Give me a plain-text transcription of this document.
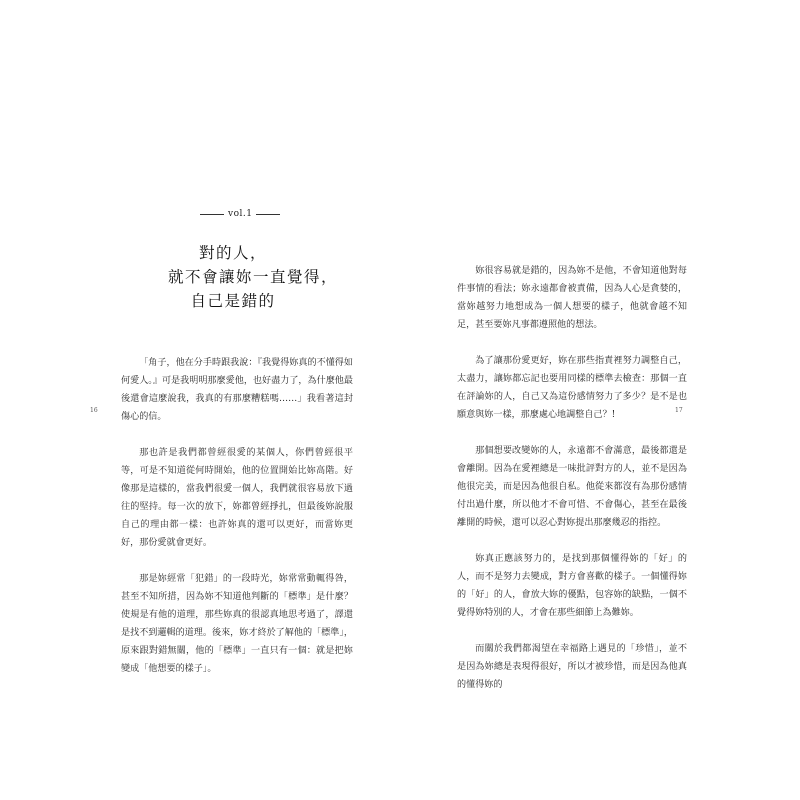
vol.1
對的人，
就不會讓妳一直覺得，
自己是錯的

「角子，他在分手時跟我說：『我覺得妳真的不懂得如何愛人。』可是我明明那麼愛他，也好盡力了，為什麼他最後還會這麼說我，我真的有那麼糟糕嗎……」我看著這封傷心的信。

那也許是我們都曾經很愛的某個人，你們曾經很平等，可是不知道從何時開始，他的位置開始比妳高階。好像那是這樣的，當我們很愛一個人，我們就很容易放下過往的堅持。每一次的放下，妳都曾經掙扎，但最後妳說服自己的理由都一樣：也許妳真的還可以更好，而當妳更好，那份愛就會更好。

那是妳經常「犯錯」的一段時光，妳常常動輒得咎，甚至不知所措，因為妳不知道他判斷的「標準」是什麼？使規是有他的道理，那些妳真的很認真地思考過了，譯還是找不到邏輯的道理。後來，妳才終於了解他的「標準」，原來跟對錯無關，他的「標準」一直只有一個：就是把妳變成「他想要的樣子」。

16

妳很容易就是錯的，因為妳不是他，不會知道他對每件事情的看法；妳永遠都會被責備，因為人心是貪婪的，當妳越努力地想成為一個人想要的樣子，他就會越不知足，甚至要妳凡事都遵照他的想法。

為了讓那份愛更好，妳在那些指責裡努力調整自己，太盡力，讓妳都忘記也要用同樣的標準去檢查：那個一直在評論妳的人，自己又為這份感情努力了多少？是不是也願意與妳一樣，那麼處心地調整自己？!

那個想要改變妳的人，永遠都不會滿意，最後都還是會離開。因為在愛裡總是一味批評對方的人，並不是因為他很完美，而是因為他很自私。他從來都沒有為那份感情付出過什麼，所以他才不會可惜、不會傷心，甚至在最後離開的時候，還可以忍心對妳提出那麼幾忍的指控。

妳真正應該努力的，是找到那個懂得妳的「好」的人，而不是努力去變成，對方會喜歡的樣子。一個懂得妳的「好」的人，會放大妳的優點，包容妳的缺點，一個不覺得妳特別的人，才會在那些細節上為難妳。

而關於我們都渴望在幸福路上遇見的「珍惜」，並不是因為妳總是表現得很好，所以才被珍惜，而是因為他真的懂得妳的

17
